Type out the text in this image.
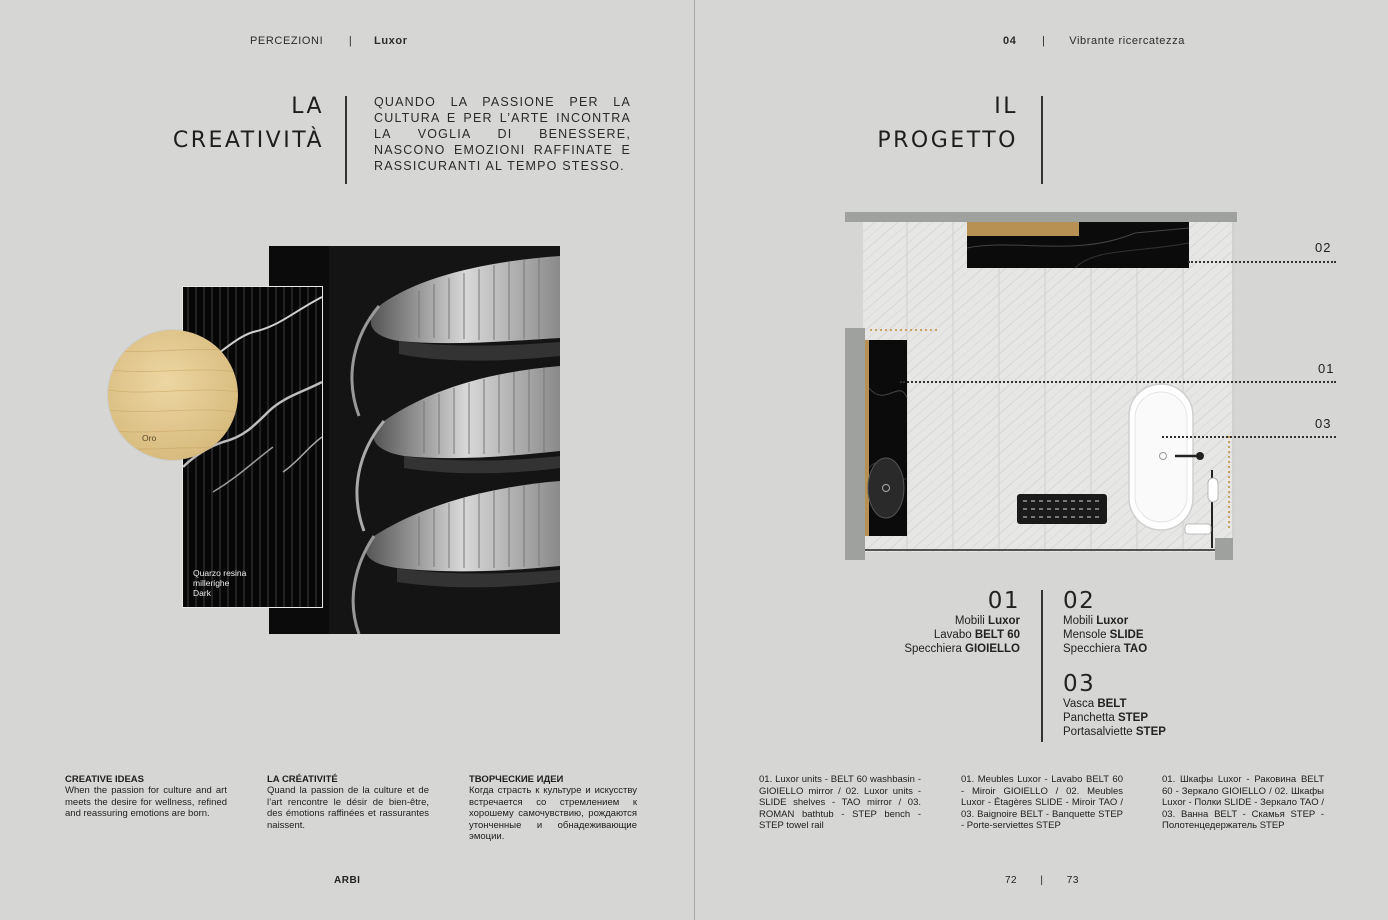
PERCEZIONI | Luxor
LA
CREATIVITÀ
QUANDO LA PASSIONE PER LA CULTURA E PER L’ARTE INCONTRA LA VOGLIA DI BENESSERE, NASCONO EMOZIONI RAFFINATE E RASSICURANTI AL TEMPO STESSO.
Quarzo resina
millerighe
Dark
Oro
CREATIVE IDEAS
When the passion for culture and art meets the desire for wellness, refined and reassuring emotions are born.
LA CRÉATIVITÉ
Quand la passion de la culture et de l’art rencontre le désir de bien-être, des émotions raffinées et rassurantes naissent.
ТВОРЧЕСКИЕ ИДЕИ
Когда страсть к культуре и искусству встречается со стремлением к хорошему самочувствию, рождаются утонченные и обнадеживающие эмоции.
ARBI
04 | Vibrante ricercatezza
IL
PROGETTO
02
01
03
01
Mobili Luxor
Lavabo BELT 60
Specchiera GIOIELLO
02
Mobili Luxor
Mensole SLIDE
Specchiera TAO
03
Vasca BELT
Panchetta STEP
Portasalviette STEP
01. Luxor units - BELT 60 washbasin - GIOIELLO mirror / 02. Luxor units - SLIDE shelves - TAO mirror / 03. ROMAN bathtub - STEP bench - STEP towel rail
01. Meubles Luxor - Lavabo BELT 60 - Miroir GIOIELLO / 02. Meubles Luxor - Étagères SLIDE - Miroir TAO / 03. Baignoire BELT - Banquette STEP - Porte-serviettes STEP
01. Шкафы Luxor - Раковина BELT 60 - Зеркало GIOIELLO / 02. Шкафы Luxor - Полки SLIDE - Зеркало TAO / 03. Ванна BELT - Скамья STEP - Полотенцедержатель STEP
72 | 73
